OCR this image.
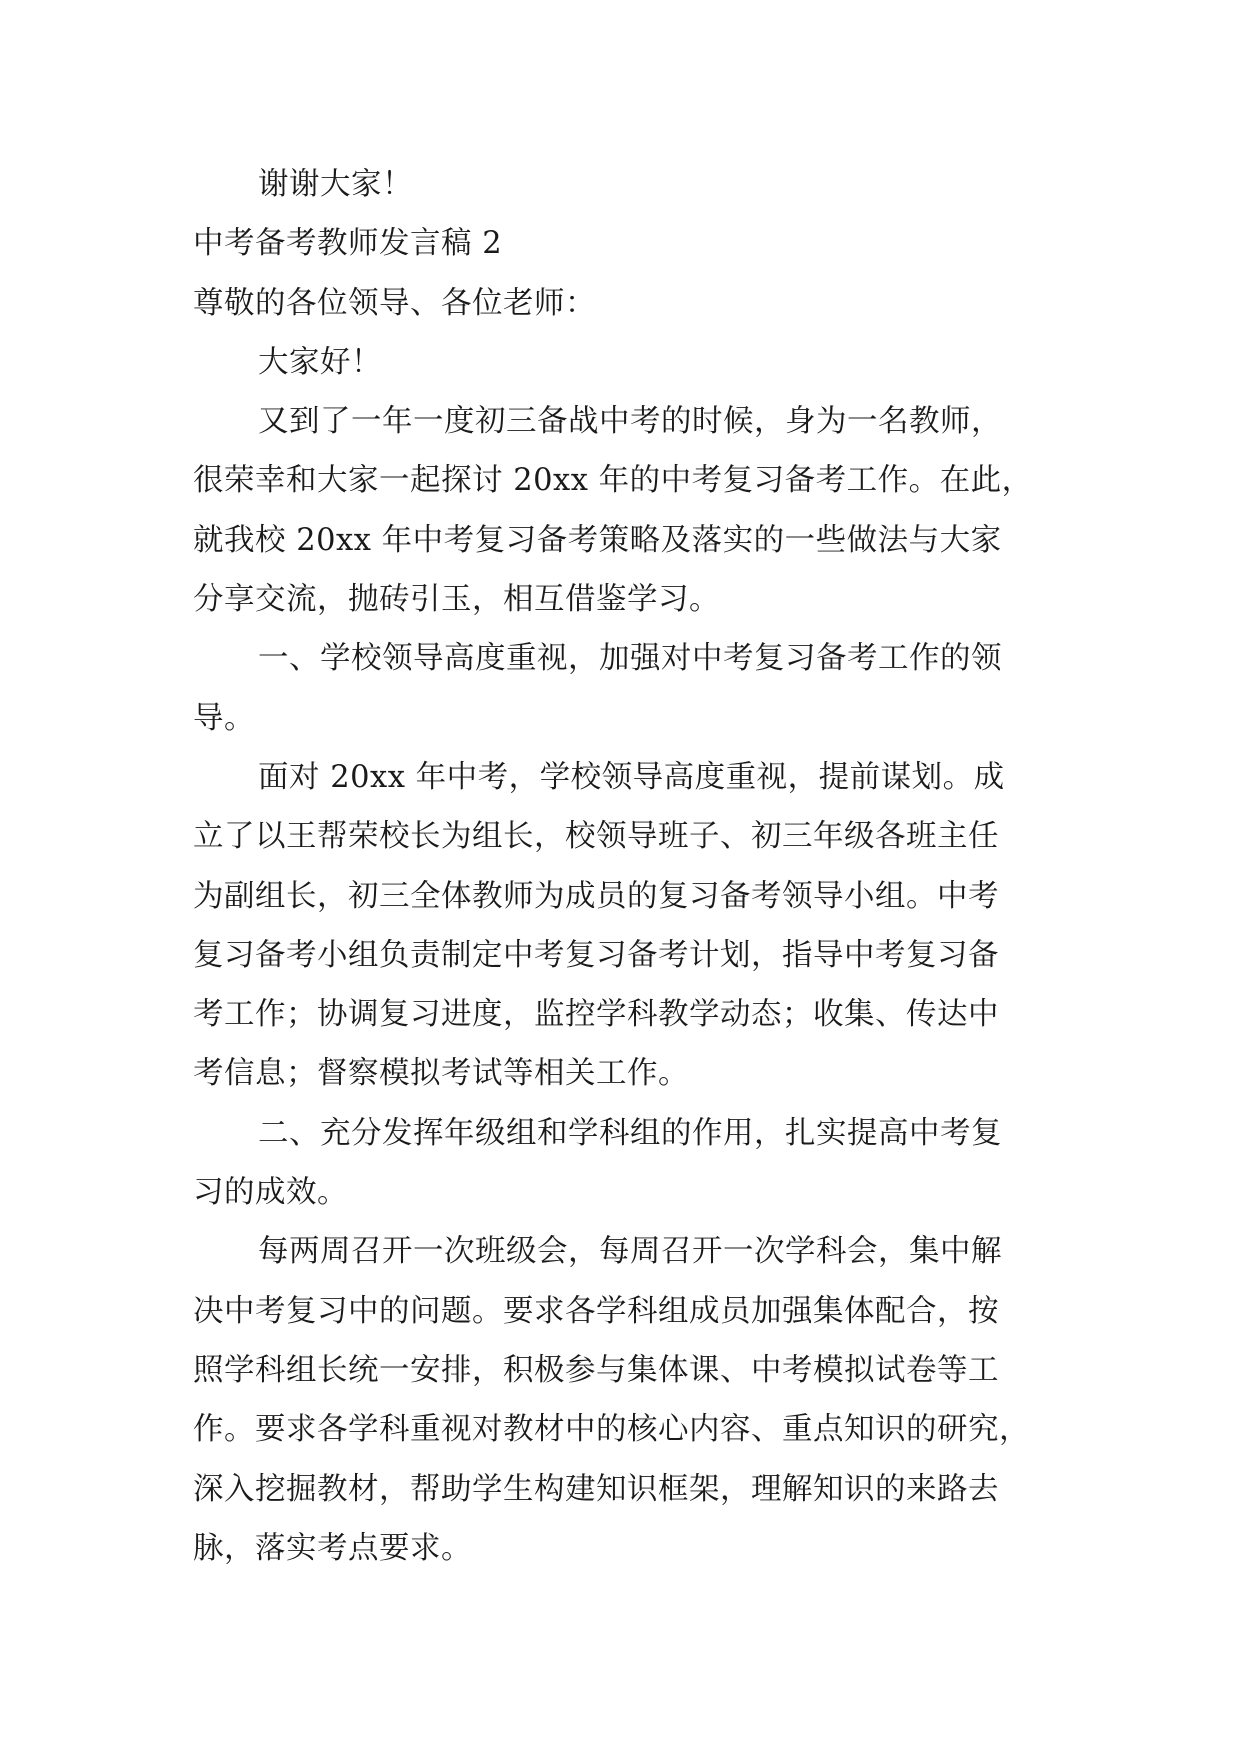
谢谢大家！
中考备考教师发言稿 2
尊敬的各位领导、各位老师：
大家好！
又到了一年一度初三备战中考的时候，身为一名教师，
很荣幸和大家一起探讨 20xx 年的中考复习备考工作。在此，
就我校 20xx 年中考复习备考策略及落实的一些做法与大家
分享交流，抛砖引玉，相互借鉴学习。
一、学校领导高度重视，加强对中考复习备考工作的领
导。
面对 20xx 年中考，学校领导高度重视，提前谋划。成
立了以王帮荣校长为组长，校领导班子、初三年级各班主任
为副组长，初三全体教师为成员的复习备考领导小组。中考
复习备考小组负责制定中考复习备考计划，指导中考复习备
考工作；协调复习进度，监控学科教学动态；收集、传达中
考信息；督察模拟考试等相关工作。
二、充分发挥年级组和学科组的作用，扎实提高中考复
习的成效。
每两周召开一次班级会，每周召开一次学科会，集中解
决中考复习中的问题。要求各学科组成员加强集体配合，按
照学科组长统一安排，积极参与集体课、中考模拟试卷等工
作。要求各学科重视对教材中的核心内容、重点知识的研究，
深入挖掘教材，帮助学生构建知识框架，理解知识的来路去
脉，落实考点要求。
